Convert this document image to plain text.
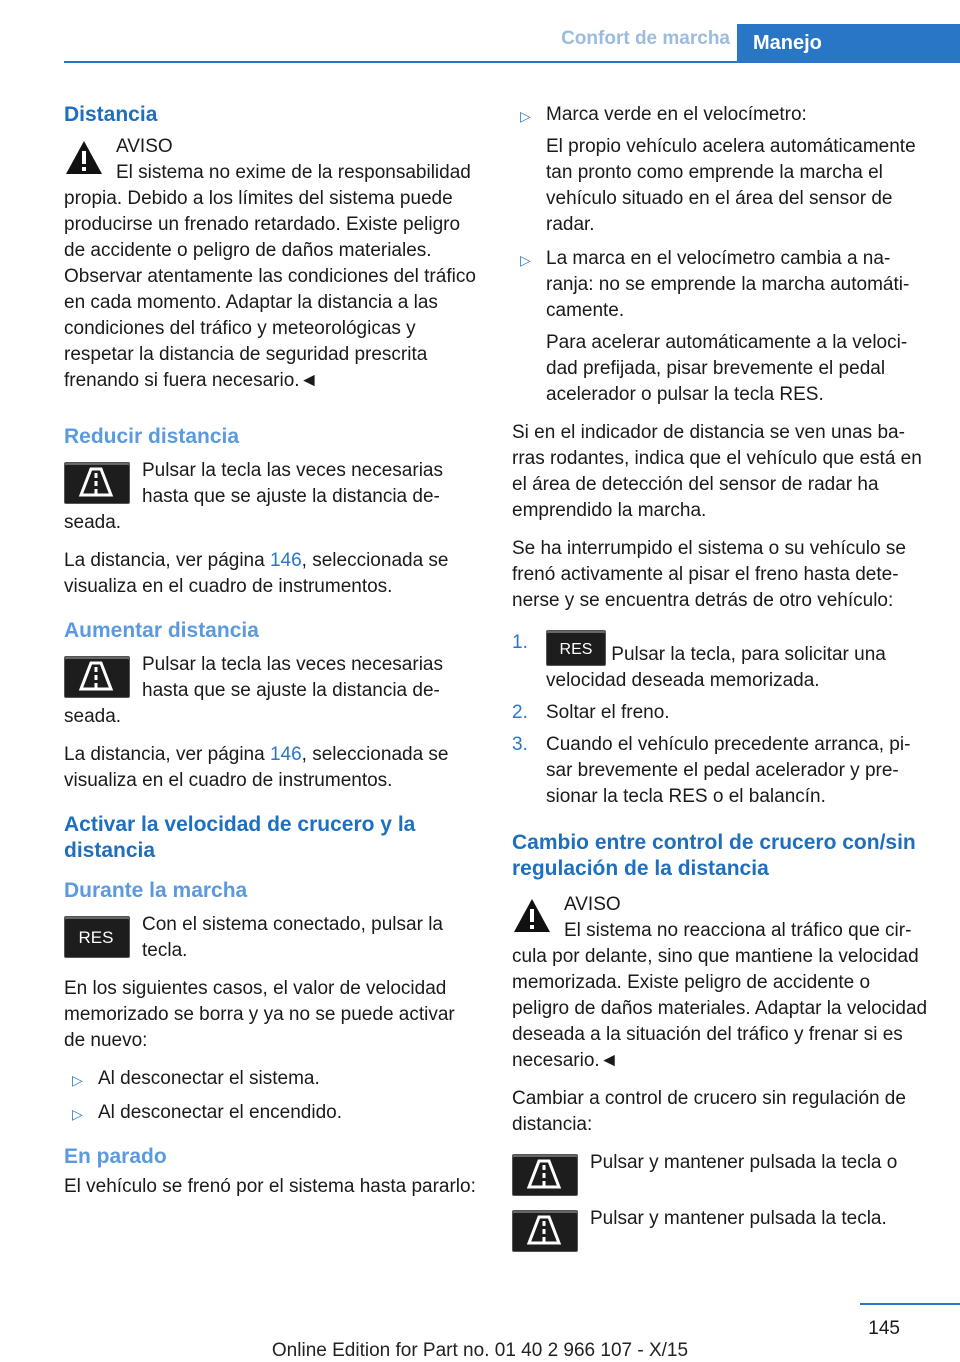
Confort de marcha	Manejo
Distancia

AVISO

El sistema no exime de la responsabilidad propia. Debido a los límites del sistema puede producirse un frenado retardado. Existe peligro de accidente o peligro de daños materiales. Observar atentamente las condiciones del tráfico en cada momento. Adaptar la distancia a las condiciones del tráfico y meteorológicas y respetar la distancia de seguridad prescrita frenando si fuera necesario.◄

Reducir distancia

Pulsar la tecla las veces necesarias hasta que se ajuste la distancia deseada.

La distancia, ver página 146, seleccionada se visualiza en el cuadro de instrumentos.

Aumentar distancia

Pulsar la tecla las veces necesarias hasta que se ajuste la distancia deseada.

La distancia, ver página 146, seleccionada se visualiza en el cuadro de instrumentos.

Activar la velocidad de crucero y la distancia
Durante la marcha
RES

Con el sistema conectado, pulsar la tecla.

En los siguientes casos, el valor de velocidad memorizado se borra y ya no se puede activar de nuevo:

▷ Al desconectar el sistema.
▷ Al desconectar el encendido.
En parado

El vehículo se frenó por el sistema hasta pararlo:

▷ Marca verde en el velocímetro:

El propio vehículo acelera automáticamente tan pronto como emprende la marcha el vehículo situado en el área del sensor de radar.

▷ La marca en el velocímetro cambia a naranja: no se emprende la marcha automáticamente.

Para acelerar automáticamente a la velocidad prefijada, pisar brevemente el pedal acelerador o pulsar la tecla RES.

Si en el indicador de distancia se ven unas barras rodantes, indica que el vehículo que está en el área de detección del sensor de radar ha emprendido la marcha.

Se ha interrumpido el sistema o su vehículo se frenó activamente al pisar el freno hasta detenerse y se encuentra detrás de otro vehículo:

1. RES Pulsar la tecla, para solicitar una velocidad deseada memorizada.
2. Soltar el freno.
3. Cuando el vehículo precedente arranca, pisar brevemente el pedal acelerador y presionar la tecla RES o el balancín.
Cambio entre control de crucero con/sin regulación de la distancia

AVISO

El sistema no reacciona al tráfico que circula por delante, sino que mantiene la velocidad memorizada. Existe peligro de accidente o peligro de daños materiales. Adaptar la velocidad deseada a la situación del tráfico y frenar si es necesario.◄

Cambiar a control de crucero sin regulación de distancia:

Pulsar y mantener pulsada la tecla o

Pulsar y mantener pulsada la tecla.

145
Online Edition for Part no. 01 40 2 966 107 - X/15
